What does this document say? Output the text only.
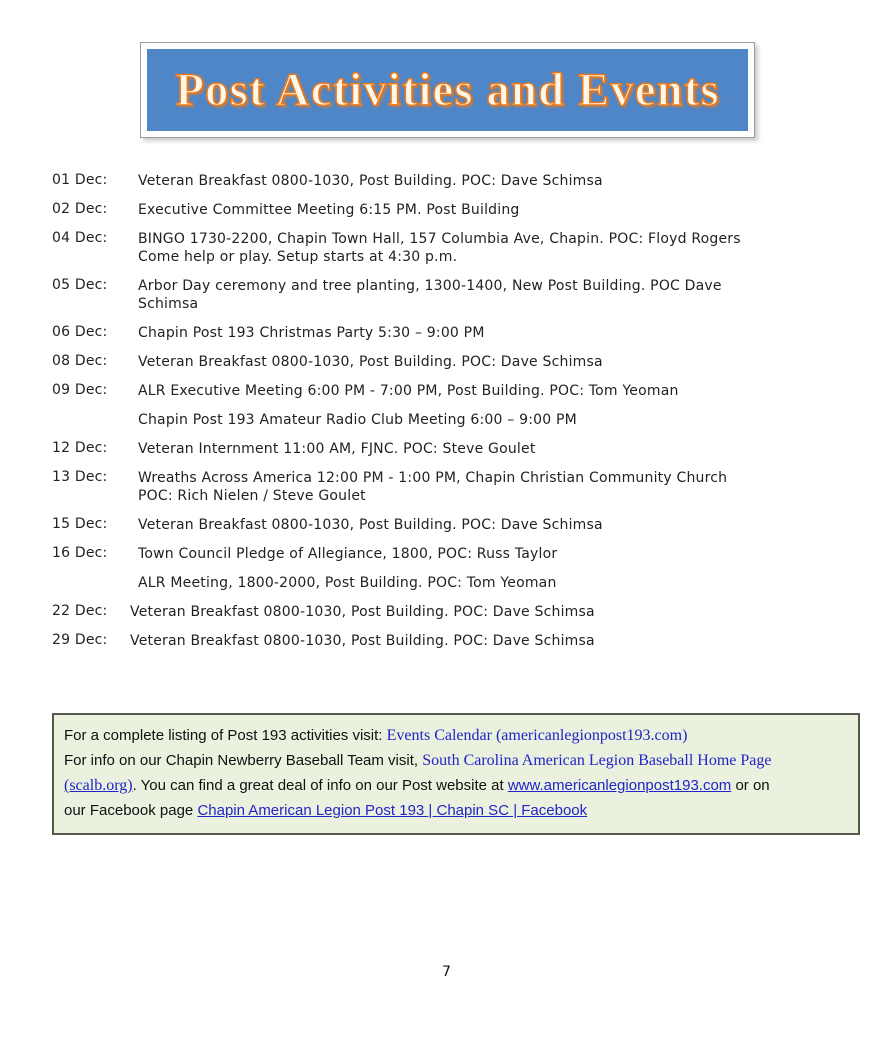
Post Activities and Events
01 Dec:	Veteran Breakfast 0800-1030, Post Building. POC: Dave Schimsa
02 Dec:	Executive Committee Meeting 6:15 PM. Post Building
04 Dec:	BINGO 1730-2200, Chapin Town Hall, 157 Columbia Ave, Chapin. POC: Floyd Rogers
Come help or play. Setup starts at 4:30 p.m.
05 Dec:	Arbor Day ceremony and tree planting, 1300-1400, New Post Building. POC Dave
Schimsa
06 Dec:	Chapin Post 193 Christmas Party 5:30 – 9:00 PM
08 Dec:	Veteran Breakfast 0800-1030, Post Building. POC: Dave Schimsa
09 Dec:	ALR Executive Meeting 6:00 PM - 7:00 PM, Post Building. POC: Tom Yeoman
Chapin Post 193 Amateur Radio Club Meeting 6:00 – 9:00 PM
12 Dec:	Veteran Internment 11:00 AM, FJNC. POC: Steve Goulet
13 Dec:	Wreaths Across America 12:00 PM - 1:00 PM, Chapin Christian Community Church
POC: Rich Nielen / Steve Goulet
15 Dec:	Veteran Breakfast 0800-1030, Post Building. POC: Dave Schimsa
16 Dec:	Town Council Pledge of Allegiance, 1800, POC: Russ Taylor
ALR Meeting, 1800-2000, Post Building. POC: Tom Yeoman
22 Dec:	Veteran Breakfast 0800-1030, Post Building. POC: Dave Schimsa
29 Dec:	Veteran Breakfast 0800-1030, Post Building. POC: Dave Schimsa
For a complete listing of Post 193 activities visit: Events Calendar (americanlegionpost193.com)
For info on our Chapin Newberry Baseball Team visit, South Carolina American Legion Baseball Home Page
(scalb.org). You can find a great deal of info on our Post website at www.americanlegionpost193.com or on
our Facebook page Chapin American Legion Post 193 | Chapin SC | Facebook
7
